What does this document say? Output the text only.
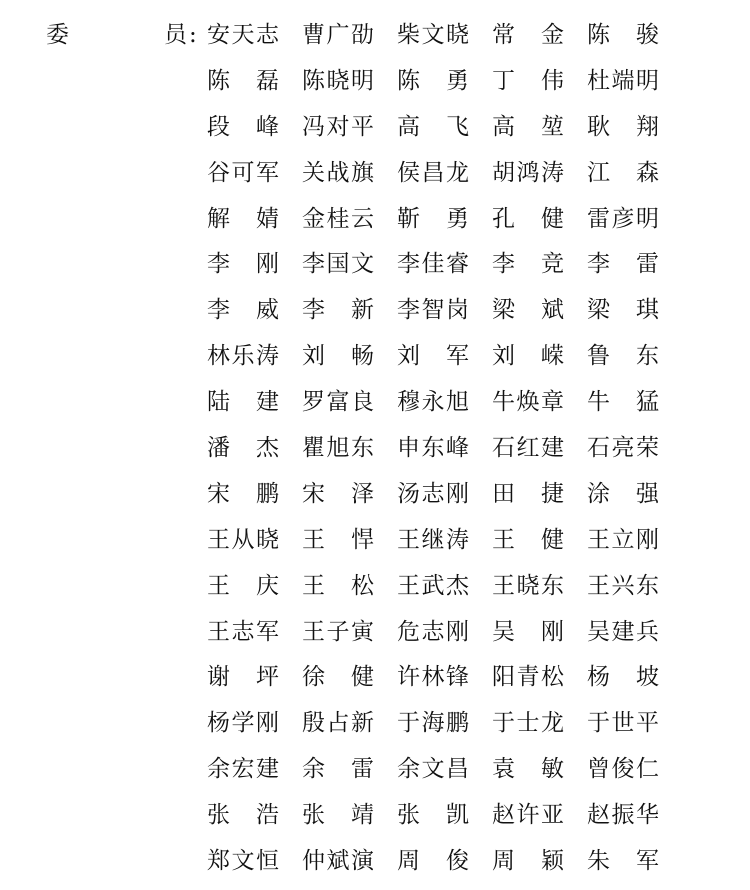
委	员: 安 天 志 曹 广 劭 柴 文 晓 常 金 陈 骏
陈 磊 陈 晓 明 陈 勇 丁 伟 杜 端 明
段 峰 冯 对 平 高 飞 高 堃 耿 翔
谷 可 军 关 战 旗 侯 昌 龙 胡 鸿 涛 江 森
解 婧 金 桂 云 靳 勇 孔 健 雷 彦 明
李 刚 李 国 文 李 佳 睿 李 竞 李 雷
李 威 李 新 李 智 岗 梁 斌 梁 琪
林 乐 涛 刘 畅 刘 军 刘 嵘 鲁 东
陆 建 罗 富 良 穆 永 旭 牛 焕 章 牛 猛
潘 杰 瞿 旭 东 申 东 峰 石 红 建 石 亮 荣
宋 鹏 宋 泽 汤 志 刚 田 捷 涂 强
王 从 晓 王 悍 王 继 涛 王 健 王 立 刚
王 庆 王 松 王 武 杰 王 晓 东 王 兴 东
王 志 军 王 子 寅 危 志 刚 吴 刚 吴 建 兵
谢 坪 徐 健 许 林 锋 阳 青 松 杨 坡
杨 学 刚 殷 占 新 于 海 鹏 于 士 龙 于 世 平
余 宏 建 余 雷 余 文 昌 袁 敏 曾 俊 仁
张 浩 张 靖 张 凯 赵 许 亚 赵 振 华
郑 文 恒 仲 斌 演 周 俊 周 颖 朱 军
